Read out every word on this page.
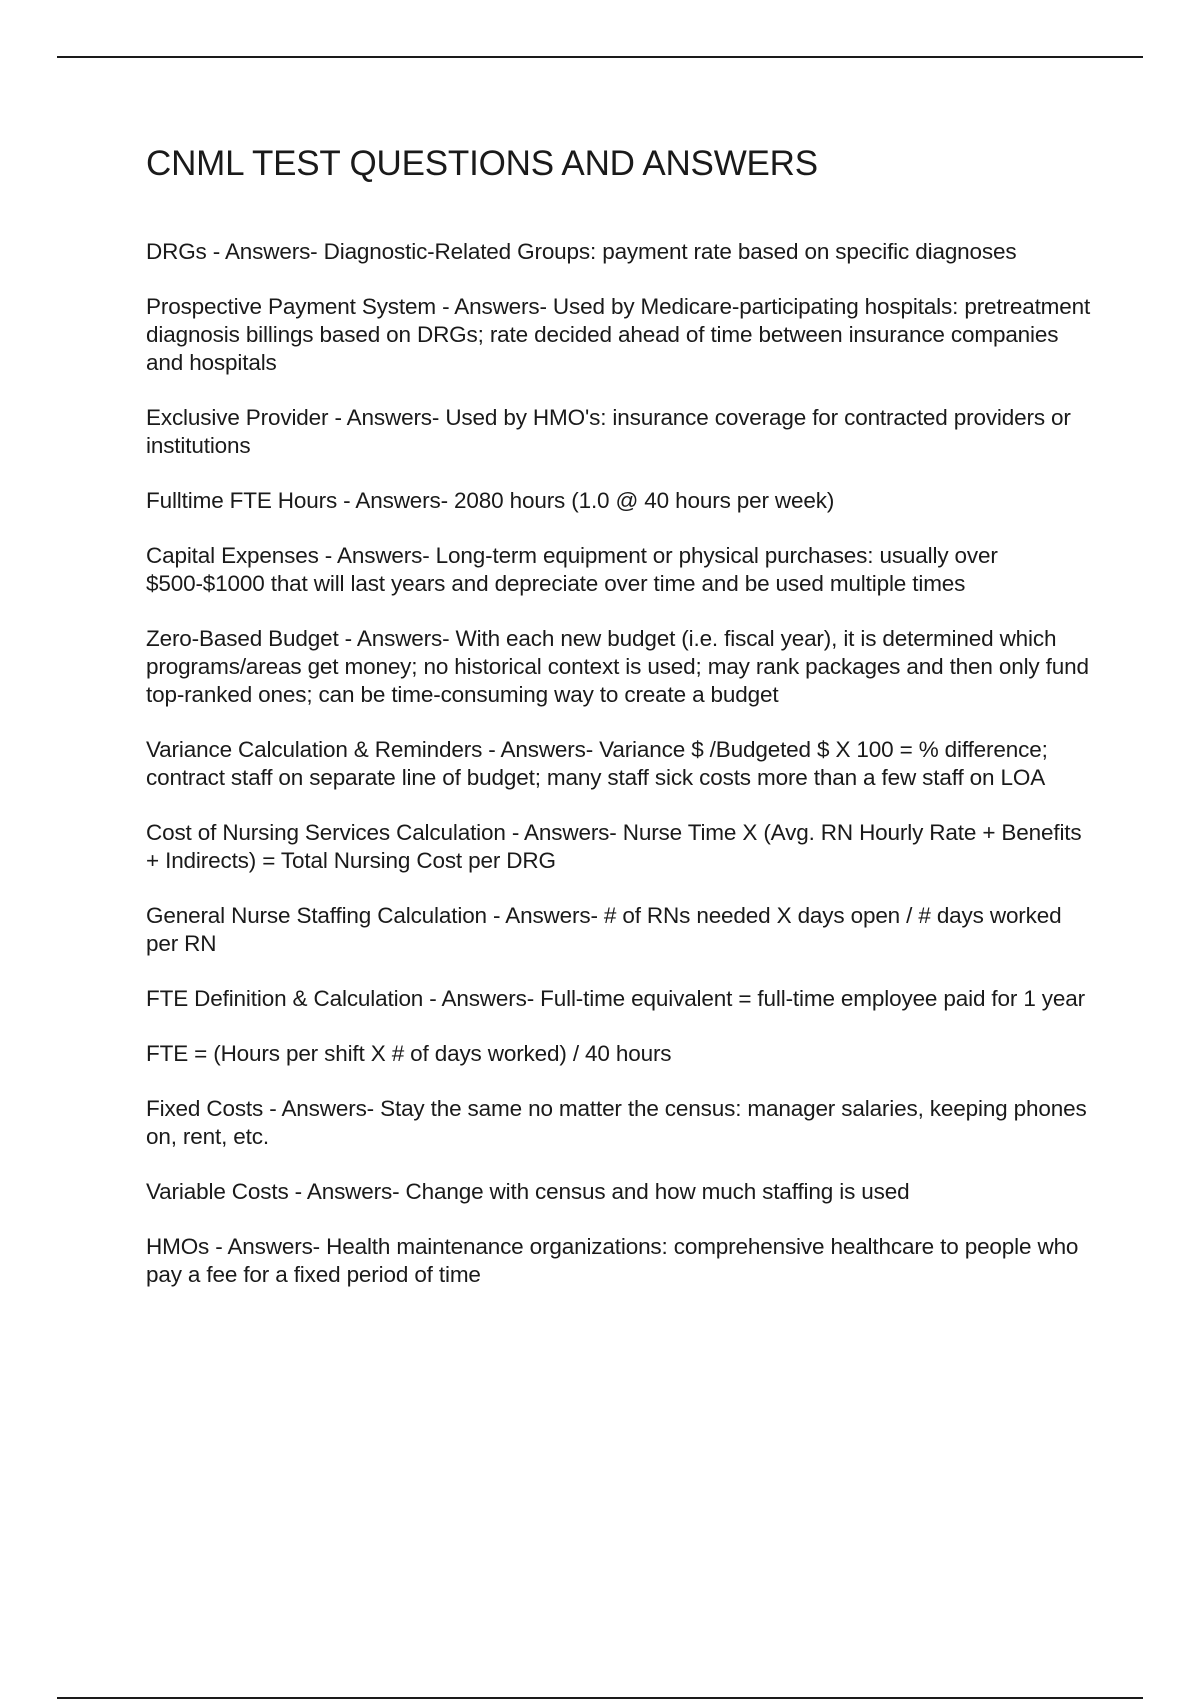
CNML TEST QUESTIONS AND ANSWERS

DRGs - Answers- Diagnostic-Related Groups: payment rate based on specific diagnoses

Prospective Payment System - Answers- Used by Medicare-participating hospitals: pretreatment diagnosis billings based on DRGs; rate decided ahead of time between insurance companies and hospitals

Exclusive Provider - Answers- Used by HMO's: insurance coverage for contracted providers or institutions

Fulltime FTE Hours - Answers- 2080 hours (1.0 @ 40 hours per week)

Capital Expenses - Answers- Long-term equipment or physical purchases: usually over $500-$1000 that will last years and depreciate over time and be used multiple times

Zero-Based Budget - Answers- With each new budget (i.e. fiscal year), it is determined which programs/areas get money; no historical context is used; may rank packages and then only fund top-ranked ones; can be time-consuming way to create a budget

Variance Calculation & Reminders - Answers- Variance $ /Budgeted $ X 100 = % difference; contract staff on separate line of budget; many staff sick costs more than a few staff on LOA

Cost of Nursing Services Calculation - Answers- Nurse Time X (Avg. RN Hourly Rate + Benefits + Indirects) = Total Nursing Cost per DRG

General Nurse Staffing Calculation - Answers- # of RNs needed X days open / # days worked per RN

FTE Definition & Calculation - Answers- Full-time equivalent = full-time employee paid for 1 year

FTE = (Hours per shift X # of days worked) / 40 hours

Fixed Costs - Answers- Stay the same no matter the census: manager salaries, keeping phones on, rent, etc.

Variable Costs - Answers- Change with census and how much staffing is used

HMOs - Answers- Health maintenance organizations: comprehensive healthcare to people who pay a fee for a fixed period of time
